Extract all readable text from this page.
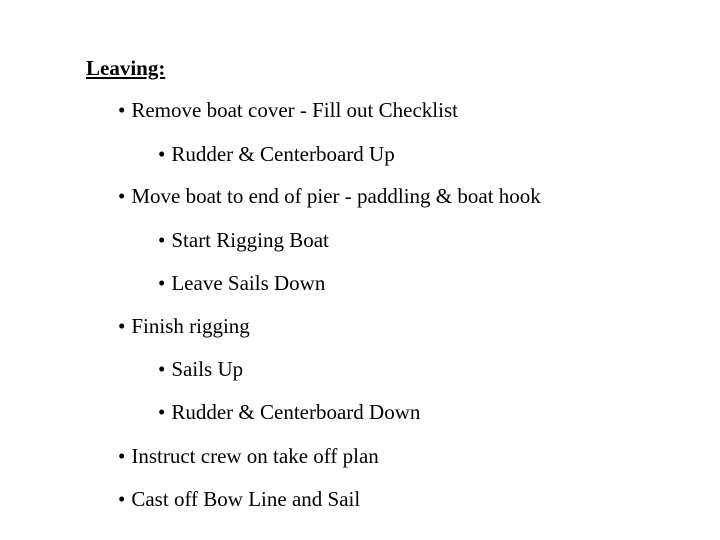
Leaving:
• Remove boat cover - Fill out Checklist
• Rudder & Centerboard Up
• Move boat to end of pier - paddling & boat hook
• Start Rigging Boat
• Leave Sails Down
• Finish rigging
• Sails Up
• Rudder & Centerboard Down
• Instruct crew on take off plan
• Cast off Bow Line and Sail
